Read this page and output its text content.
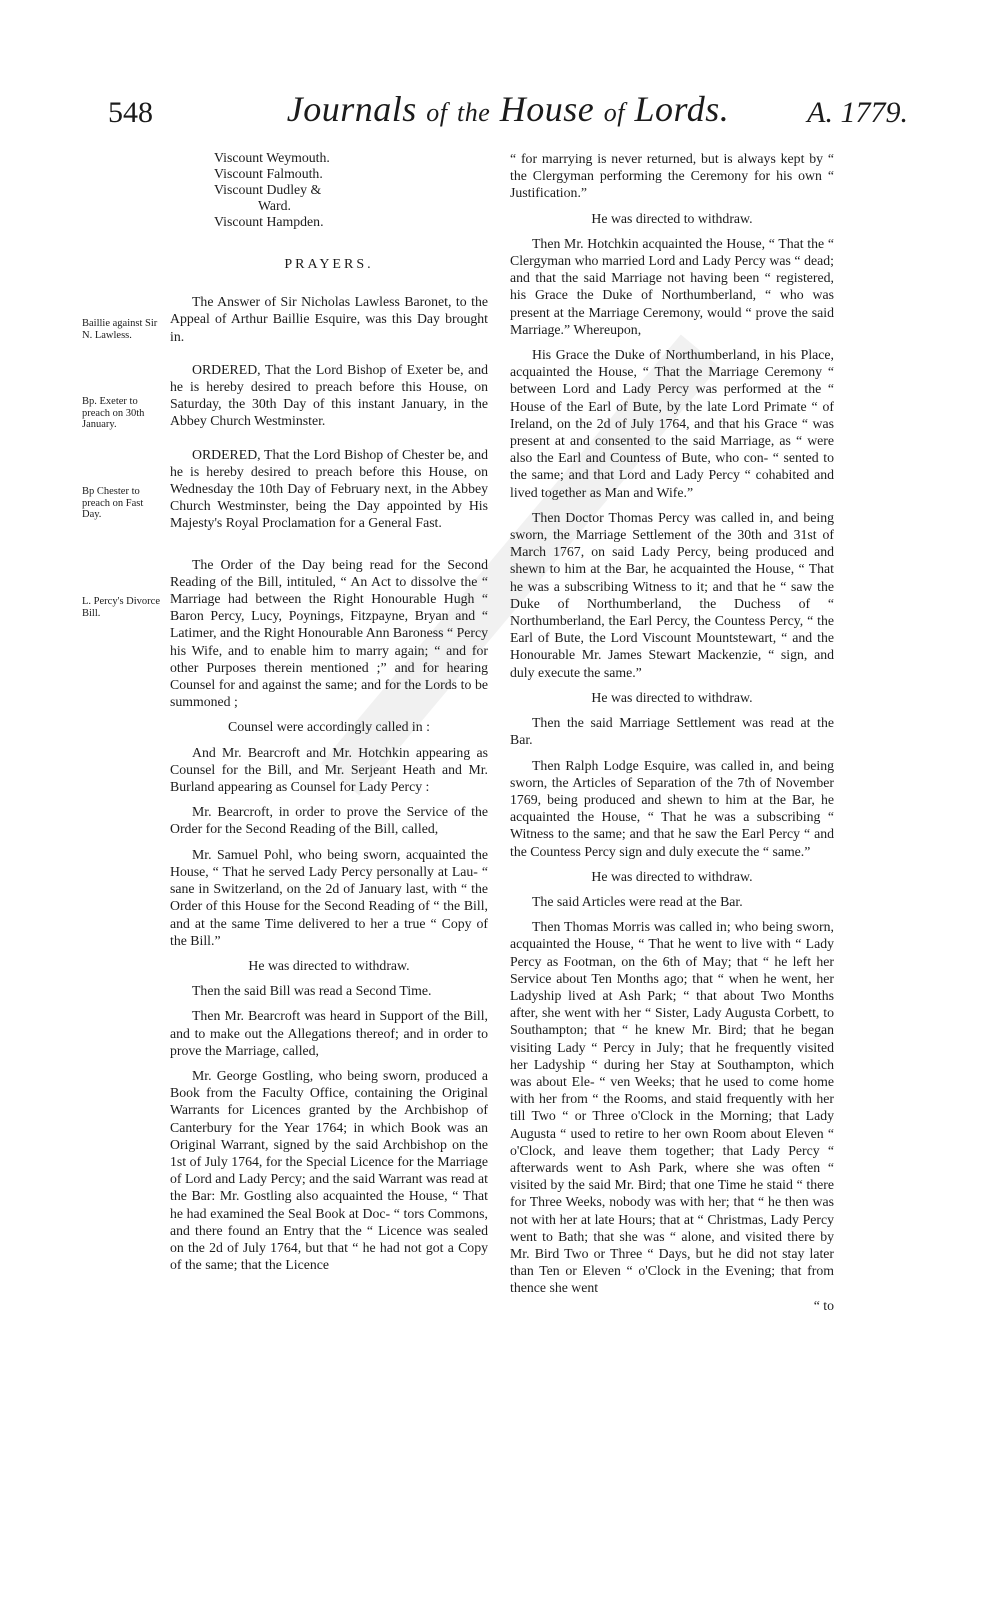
548	Journals of the House of Lords.	A. 1779.
Baillie against Sir N. Lawless.
Bp. Exeter to preach on 30th January.
Bp Chester to preach on Fast Day.
L. Percy's Divorce Bill.
Viscount Weymouth.
Viscount Falmouth.
Viscount Dudley &
Ward.
Viscount Hampden.

PRAYERS.

The Answer of Sir Nicholas Lawless Baronet, to the Appeal of Arthur Baillie Esquire, was this Day brought in.

ORDERED, That the Lord Bishop of Exeter be, and he is hereby desired to preach before this House, on Saturday, the 30th Day of this instant January, in the Abbey Church Westminster.

ORDERED, That the Lord Bishop of Chester be, and he is hereby desired to preach before this House, on Wednesday the 10th Day of February next, in the Abbey Church Westminster, being the Day appointed by His Majesty's Royal Proclamation for a General Fast.

The Order of the Day being read for the Second Reading of the Bill, intituled, “ An Act to dissolve the “ Marriage had between the Right Honourable Hugh “ Baron Percy, Lucy, Poynings, Fitzpayne, Bryan and “ Latimer, and the Right Honourable Ann Baroness “ Percy his Wife, and to enable him to marry again; “ and for other Purposes therein mentioned ;” and for hearing Counsel for and against the same; and for the Lords to be summoned ;

Counsel were accordingly called in :

And Mr. Bearcroft and Mr. Hotchkin appearing as Counsel for the Bill, and Mr. Serjeant Heath and Mr. Burland appearing as Counsel for Lady Percy :

Mr. Bearcroft, in order to prove the Service of the Order for the Second Reading of the Bill, called,

Mr. Samuel Pohl, who being sworn, acquainted the House, “ That he served Lady Percy personally at Lau- “ sane in Switzerland, on the 2d of January last, with “ the Order of this House for the Second Reading of “ the Bill, and at the same Time delivered to her a true “ Copy of the Bill.”

He was directed to withdraw.

Then the said Bill was read a Second Time.

Then Mr. Bearcroft was heard in Support of the Bill, and to make out the Allegations thereof; and in order to prove the Marriage, called,

Mr. George Gostling, who being sworn, produced a Book from the Faculty Office, containing the Original Warrants for Licences granted by the Archbishop of Canterbury for the Year 1764; in which Book was an Original Warrant, signed by the said Archbishop on the 1st of July 1764, for the Special Licence for the Marriage of Lord and Lady Percy; and the said Warrant was read at the Bar: Mr. Gostling also acquainted the House, “ That he had examined the Seal Book at Doc- “ tors Commons, and there found an Entry that the “ Licence was sealed on the 2d of July 1764, but that “ he had not got a Copy of the same; that the Licence

“ for marrying is never returned, but is always kept by “ the Clergyman performing the Ceremony for his own “ Justification.”

He was directed to withdraw.

Then Mr. Hotchkin acquainted the House, “ That the “ Clergyman who married Lord and Lady Percy was “ dead; and that the said Marriage not having been “ registered, his Grace the Duke of Northumberland, “ who was present at the Marriage Ceremony, would “ prove the said Marriage.” Whereupon,

His Grace the Duke of Northumberland, in his Place, acquainted the House, “ That the Marriage Ceremony “ between Lord and Lady Percy was performed at the “ House of the Earl of Bute, by the late Lord Primate “ of Ireland, on the 2d of July 1764, and that his Grace “ was present at and consented to the said Marriage, as “ were also the Earl and Countess of Bute, who con- “ sented to the same; and that Lord and Lady Percy “ cohabited and lived together as Man and Wife.”

Then Doctor Thomas Percy was called in, and being sworn, the Marriage Settlement of the 30th and 31st of March 1767, on said Lady Percy, being produced and shewn to him at the Bar, he acquainted the House, “ That he was a subscribing Witness to it; and that he “ saw the Duke of Northumberland, the Duchess of “ Northumberland, the Earl Percy, the Countess Percy, “ the Earl of Bute, the Lord Viscount Mountstewart, “ and the Honourable Mr. James Stewart Mackenzie, “ sign, and duly execute the same.”

He was directed to withdraw.

Then the said Marriage Settlement was read at the Bar.

Then Ralph Lodge Esquire, was called in, and being sworn, the Articles of Separation of the 7th of November 1769, being produced and shewn to him at the Bar, he acquainted the House, “ That he was a subscribing “ Witness to the same; and that he saw the Earl Percy “ and the Countess Percy sign and duly execute the “ same.”

He was directed to withdraw.

The said Articles were read at the Bar.

Then Thomas Morris was called in; who being sworn, acquainted the House, “ That he went to live with “ Lady Percy as Footman, on the 6th of May; that “ he left her Service about Ten Months ago; that “ when he went, her Ladyship lived at Ash Park; “ that about Two Months after, she went with her “ Sister, Lady Augusta Corbett, to Southampton; that “ he knew Mr. Bird; that he began visiting Lady “ Percy in July; that he frequently visited her Ladyship “ during her Stay at Southampton, which was about Ele- “ ven Weeks; that he used to come home with her from “ the Rooms, and staid frequently with her till Two “ or Three o'Clock in the Morning; that Lady Augusta “ used to retire to her own Room about Eleven “ o'Clock, and leave them together; that Lady Percy “ afterwards went to Ash Park, where she was often “ visited by the said Mr. Bird; that one Time he staid “ there for Three Weeks, nobody was with her; that “ he then was not with her at late Hours; that at “ Christmas, Lady Percy went to Bath; that she was “ alone, and visited there by Mr. Bird Two or Three “ Days, but he did not stay later than Ten or Eleven “ o'Clock in the Evening; that from thence she went

“ to
